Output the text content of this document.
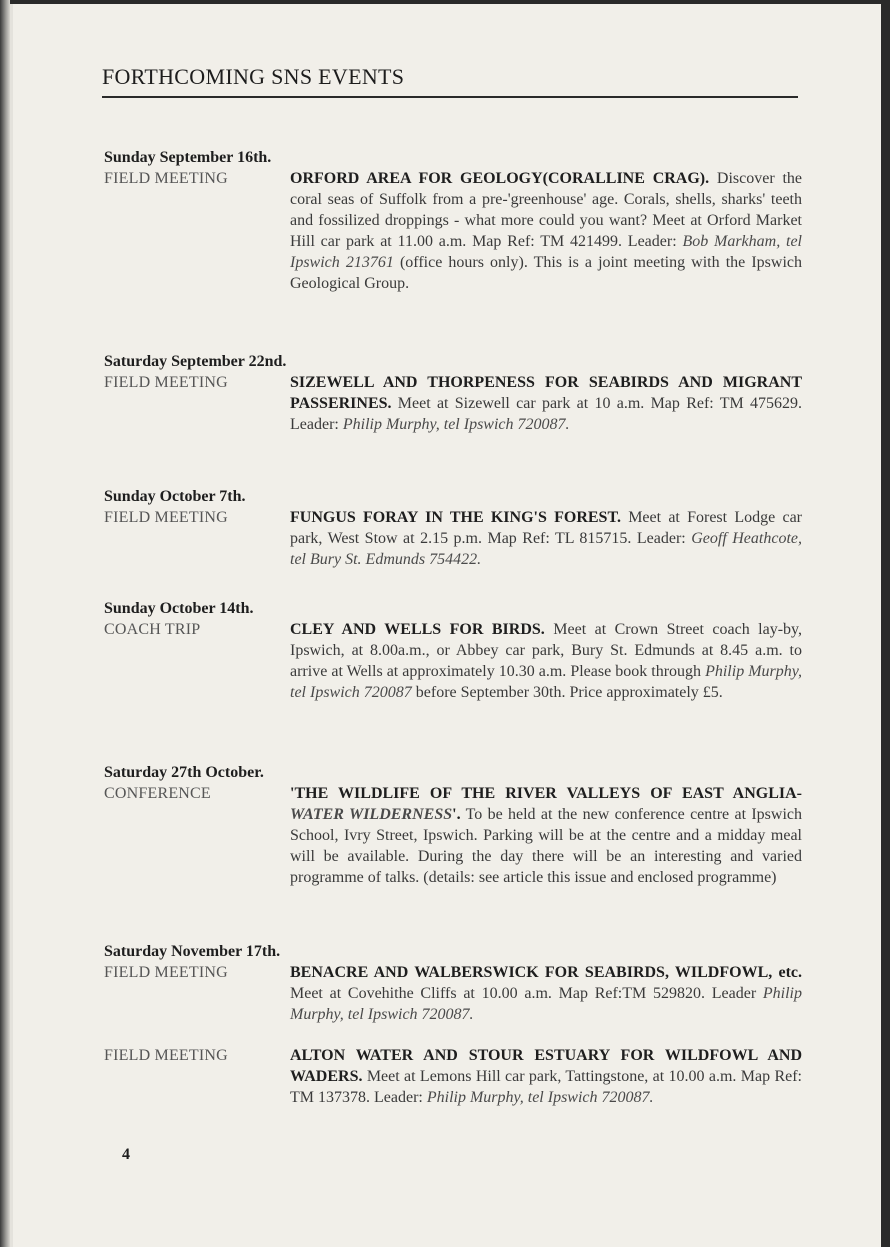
FORTHCOMING SNS EVENTS
Sunday September 16th.
FIELD MEETING	ORFORD AREA FOR GEOLOGY(CORALLINE CRAG). Discover the coral seas of Suffolk from a pre-'greenhouse' age. Corals, shells, sharks' teeth and fossilized droppings - what more could you want? Meet at Orford Market Hill car park at 11.00 a.m. Map Ref: TM 421499. Leader: Bob Markham, tel Ipswich 213761 (office hours only). This is a joint meeting with the Ipswich Geological Group.
Saturday September 22nd.
FIELD MEETING	SIZEWELL AND THORPENESS FOR SEABIRDS AND MIGRANT PASSERINES. Meet at Sizewell car park at 10 a.m. Map Ref: TM 475629. Leader: Philip Murphy, tel Ipswich 720087.
Sunday October 7th.
FIELD MEETING	FUNGUS FORAY IN THE KING'S FOREST. Meet at Forest Lodge car park, West Stow at 2.15 p.m. Map Ref: TL 815715. Leader: Geoff Heathcote, tel Bury St. Edmunds 754422.
Sunday October 14th.
COACH TRIP	CLEY AND WELLS FOR BIRDS. Meet at Crown Street coach lay-by, Ipswich, at 8.00a.m., or Abbey car park, Bury St. Edmunds at 8.45 a.m. to arrive at Wells at approximately 10.30 a.m. Please book through Philip Murphy, tel Ipswich 720087 before September 30th. Price approximately £5.
Saturday 27th October.
CONFERENCE	'THE WILDLIFE OF THE RIVER VALLEYS OF EAST ANGLIA-WATER WILDERNESS'. To be held at the new conference centre at Ipswich School, Ivry Street, Ipswich. Parking will be at the centre and a midday meal will be available. During the day there will be an interesting and varied programme of talks. (details: see article this issue and enclosed programme)
Saturday November 17th.
FIELD MEETING	BENACRE AND WALBERSWICK FOR SEABIRDS, WILDFOWL, etc. Meet at Covehithe Cliffs at 10.00 a.m. Map Ref:TM 529820. Leader Philip Murphy, tel Ipswich 720087.
FIELD MEETING	ALTON WATER AND STOUR ESTUARY FOR WILDFOWL AND WADERS. Meet at Lemons Hill car park, Tattingstone, at 10.00 a.m. Map Ref: TM 137378. Leader: Philip Murphy, tel Ipswich 720087.
4
